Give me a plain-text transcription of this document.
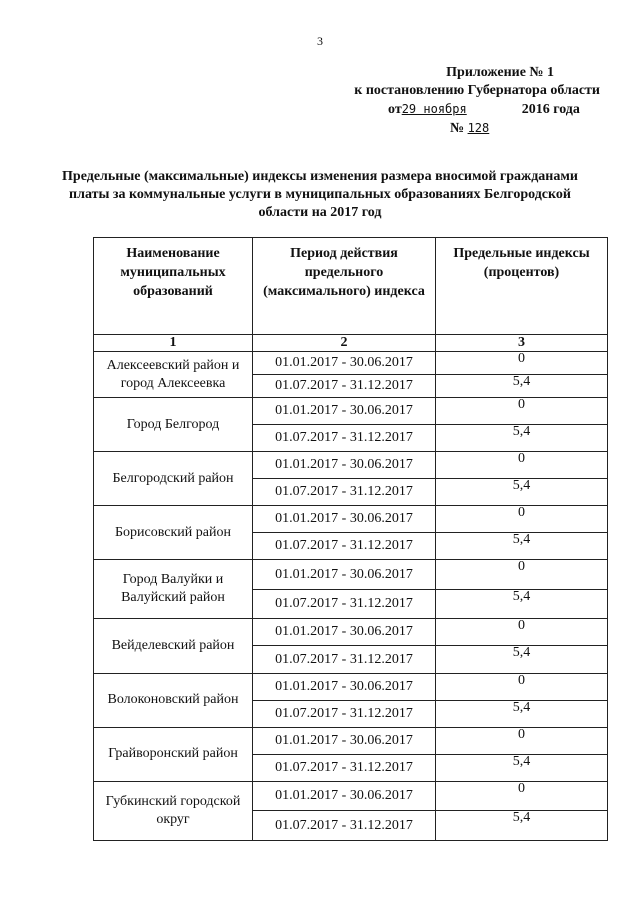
3
Приложение № 1
к постановлению Губернатора области
от29 ноября	2016 года
№ 128
Предельные (максимальные) индексы изменения размера вносимой гражданами платы за коммунальные услуги в муниципальных образованиях Белгородской области на 2017 год
Наименование муниципальных образований	Период действия предельного (максимального) индекса	Предельные индексы (процентов)
1	2	3
Алексеевский район и город Алексеевка	01.01.2017 - 30.06.2017	0
	01.07.2017 - 31.12.2017	5,4
Город Белгород	01.01.2017 - 30.06.2017	0
	01.07.2017 - 31.12.2017	5,4
Белгородский район	01.01.2017 - 30.06.2017	0
	01.07.2017 - 31.12.2017	5,4
Борисовский район	01.01.2017 - 30.06.2017	0
	01.07.2017 - 31.12.2017	5,4
Город Валуйки и Валуйский район	01.01.2017 - 30.06.2017	0
	01.07.2017 - 31.12.2017	5,4
Вейделевский район	01.01.2017 - 30.06.2017	0
	01.07.2017 - 31.12.2017	5,4
Волоконовский район	01.01.2017 - 30.06.2017	0
	01.07.2017 - 31.12.2017	5,4
Грайворонский район	01.01.2017 - 30.06.2017	0
	01.07.2017 - 31.12.2017	5,4
Губкинский городской округ	01.01.2017 - 30.06.2017	0
	01.07.2017 - 31.12.2017	5,4
